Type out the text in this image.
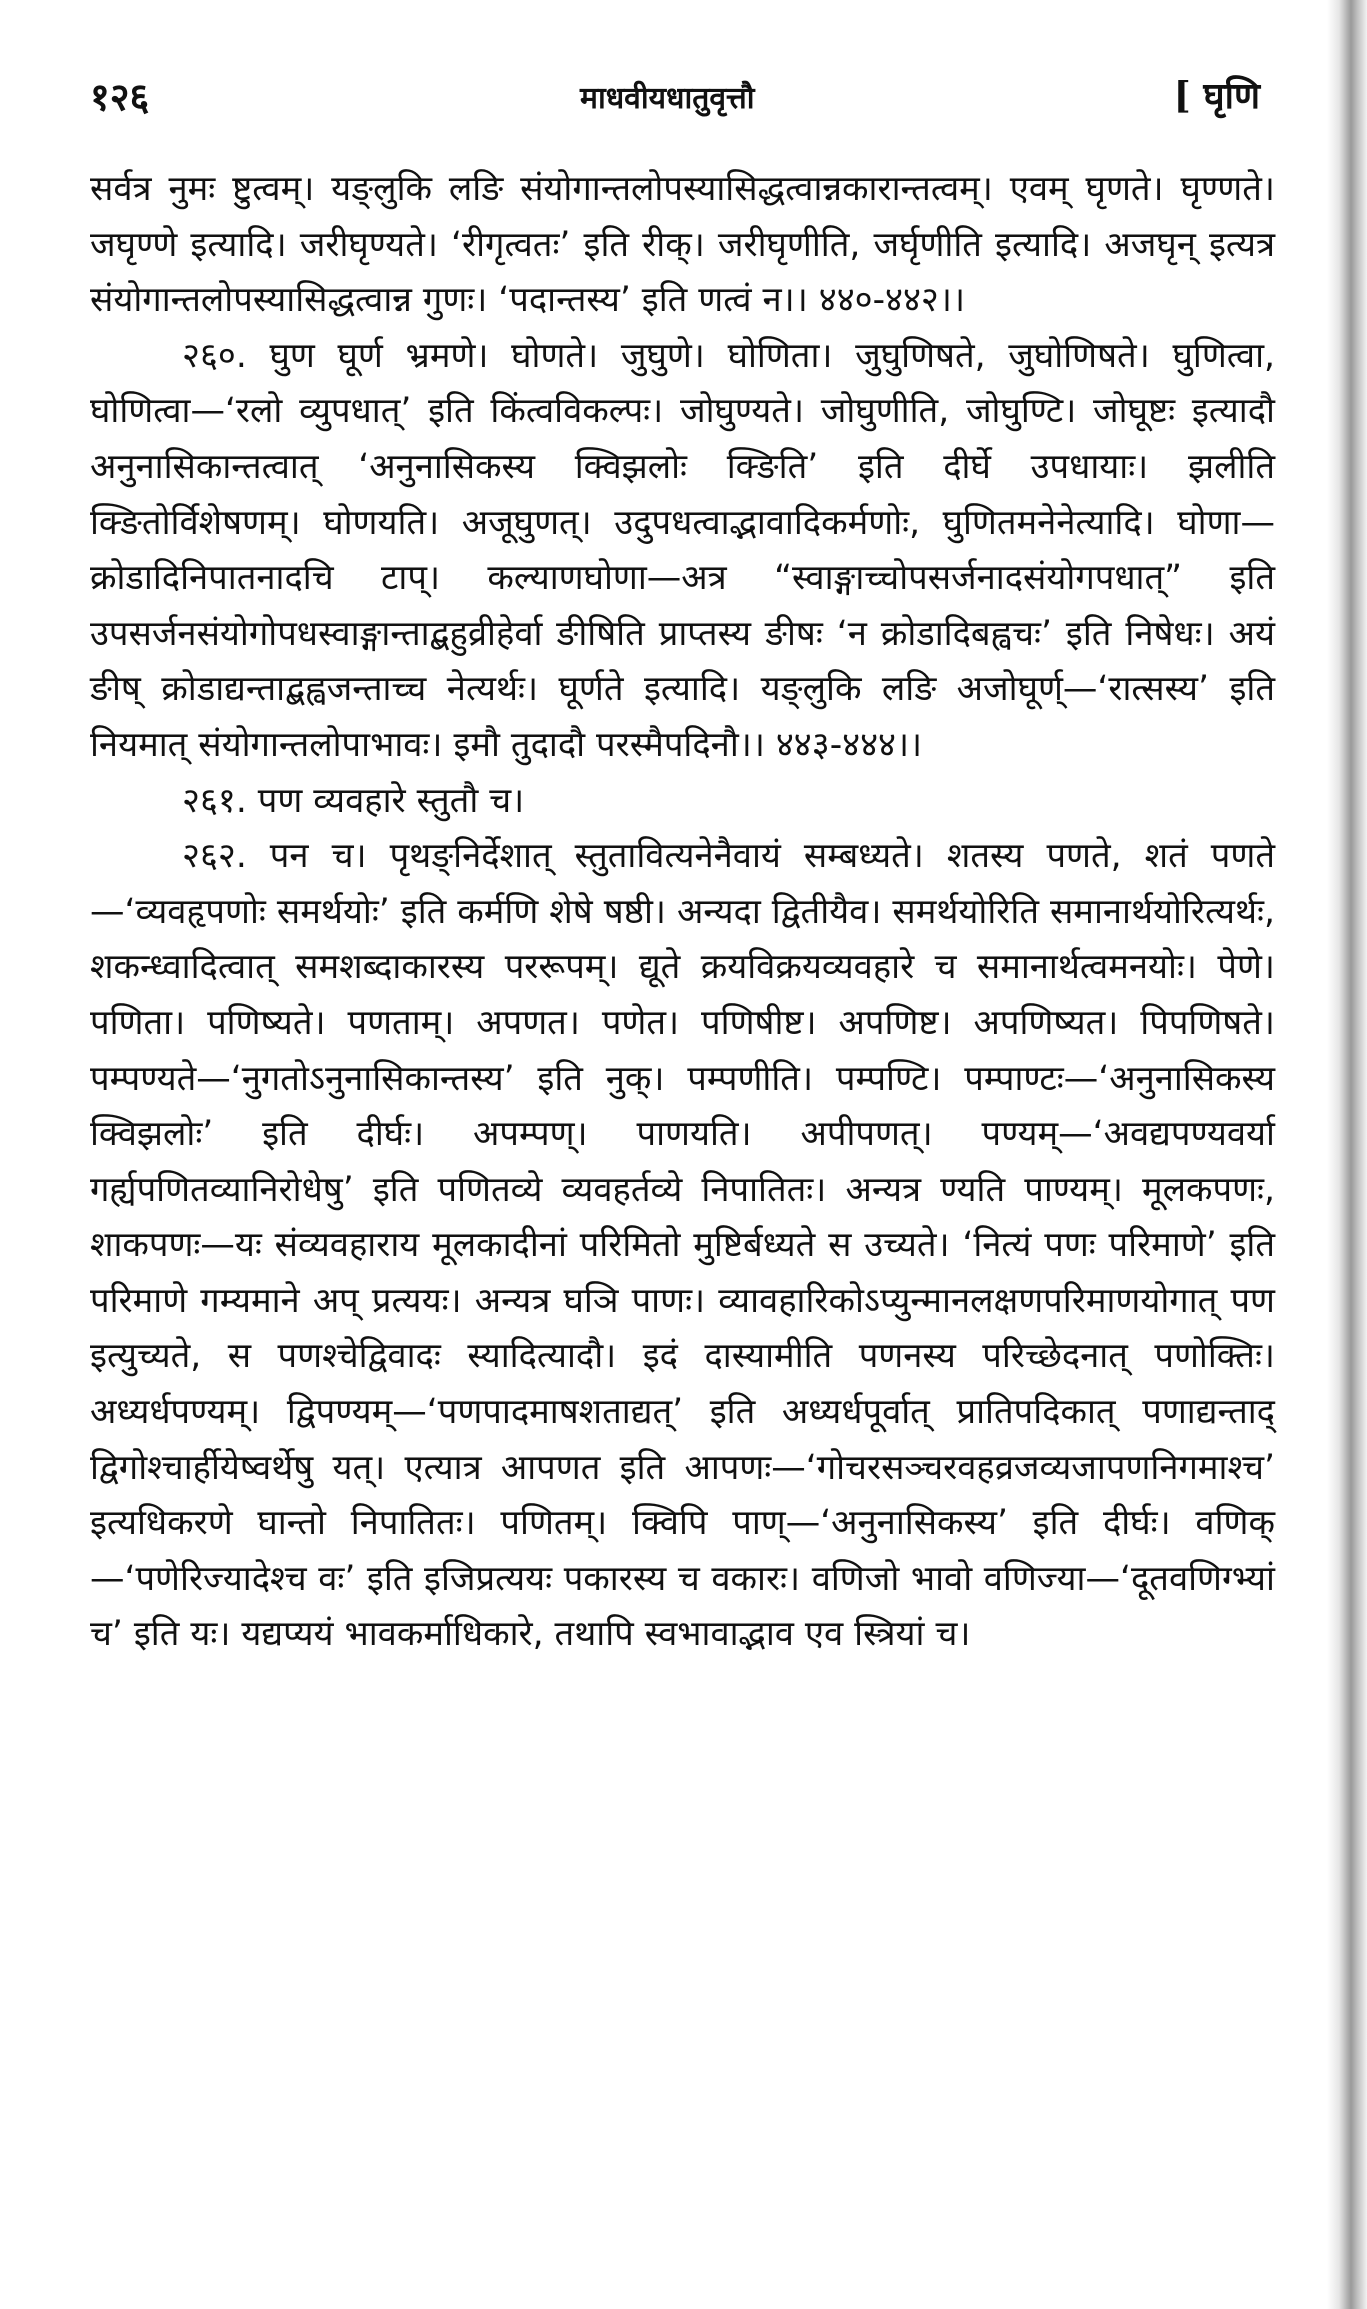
१२६	माधवीयधातुवृत्तौ	[ घृणि

सर्वत्र नुमः ष्टुत्वम्। यङ्लुकि लङि संयोगान्तलोपस्यासिद्धत्वान्नकारान्तत्वम्। एवम् घृणते। घृण्णते। जघृण्णे इत्यादि। जरीघृण्यते। ‘रीगृत्वतः’ इति रीक्। जरीघृणीति, जर्घृणीति इत्यादि। अजघृन् इत्यत्र संयोगान्तलोपस्यासिद्धत्वान्न गुणः। ‘पदान्तस्य’ इति णत्वं न।। ४४०-४४२।।

२६०. घुण घूर्ण भ्रमणे। घोणते। जुघुणे। घोणिता। जुघुणिषते, जुघोणिषते। घुणित्वा, घोणित्वा—‘रलो व्युपधात्’ इति किंत्वविकल्पः। जोघुण्यते। जोघुणीति, जोघुण्टि। जोघूष्टः इत्यादौ अनुनासिकान्तत्वात् ‘अनुनासिकस्य क्विझलोः क्ङिति’ इति दीर्घे उपधायाः। झलीति क्ङितोर्विशेषणम्। घोणयति। अजूघुणत्। उदुपधत्वाद्भावादिकर्मणोः, घुणितमनेनेत्यादि। घोणा—क्रोडादिनिपातनादचि टाप्। कल्याणघोणा—अत्र “स्वाङ्गाच्चोपसर्जनादसंयोगपधात्” इति उपसर्जनसंयोगोपधस्वाङ्गान्ताद्बहुव्रीहेर्वा ङीषिति प्राप्तस्य ङीषः ‘न क्रोडादिबह्वचः’ इति निषेधः। अयं ङीष् क्रोडाद्यन्ताद्बह्वजन्ताच्च नेत्यर्थः। घूर्णते इत्यादि। यङ्लुकि लङि अजोघूर्ण्—‘रात्सस्य’ इति नियमात् संयोगान्तलोपाभावः। इमौ तुदादौ परस्मैपदिनौ।। ४४३-४४४।।

२६१. पण व्यवहारे स्तुतौ च।

२६२. पन च। पृथङ्निर्देशात् स्तुतावित्यनेनैवायं सम्बध्यते। शतस्य पणते, शतं पणते—‘व्यवहृपणोः समर्थयोः’ इति कर्मणि शेषे षष्ठी। अन्यदा द्वितीयैव। समर्थयोरिति समानार्थयोरित्यर्थः, शकन्ध्वादित्वात् समशब्दाकारस्य पररूपम्। द्यूते क्रयविक्रयव्यवहारे च समानार्थत्वमनयोः। पेणे। पणिता। पणिष्यते। पणताम्। अपणत। पणेत। पणिषीष्ट। अपणिष्ट। अपणिष्यत। पिपणिषते। पम्पण्यते—‘नुगतोऽनुनासिकान्तस्य’ इति नुक्। पम्पणीति। पम्पण्टि। पम्पाण्टः—‘अनुनासिकस्य क्विझलोः’ इति दीर्घः। अपम्पण्। पाणयति। अपीपणत्। पण्यम्—‘अवद्यपण्यवर्या गर्ह्यपणितव्यानिरोधेषु’ इति पणितव्ये व्यवहर्तव्ये निपातितः। अन्यत्र ण्यति पाण्यम्। मूलकपणः, शाकपणः—यः संव्यवहाराय मूलकादीनां परिमितो मुष्टिर्बध्यते स उच्यते। ‘नित्यं पणः परिमाणे’ इति परिमाणे गम्यमाने अप् प्रत्ययः। अन्यत्र घञि पाणः। व्यावहारिकोऽप्युन्मानलक्षणपरिमाणयोगात् पण इत्युच्यते, स पणश्चेद्विवादः स्यादित्यादौ। इदं दास्यामीति पणनस्य परिच्छेदनात् पणोक्तिः। अध्यर्धपण्यम्। द्विपण्यम्—‘पणपादमाषशताद्यत्’ इति अध्यर्धपूर्वात् प्रातिपदिकात् पणाद्यन्ताद् द्विगोश्चार्हीयेष्वर्थेषु यत्। एत्यात्र आपणत इति आपणः—‘गोचरसञ्चरवहव्रजव्यजापणनिगमाश्च’ इत्यधिकरणे घान्तो निपातितः। पणितम्। क्विपि पाण्—‘अनुनासिकस्य’ इति दीर्घः। वणिक्—‘पणेरिज्यादेश्च वः’ इति इजिप्रत्ययः पकारस्य च वकारः। वणिजो भावो वणिज्या—‘दूतवणिग्भ्यां च’ इति यः। यद्यप्ययं भावकर्माधिकारे, तथापि स्वभावाद्भाव एव स्त्रियां च।
